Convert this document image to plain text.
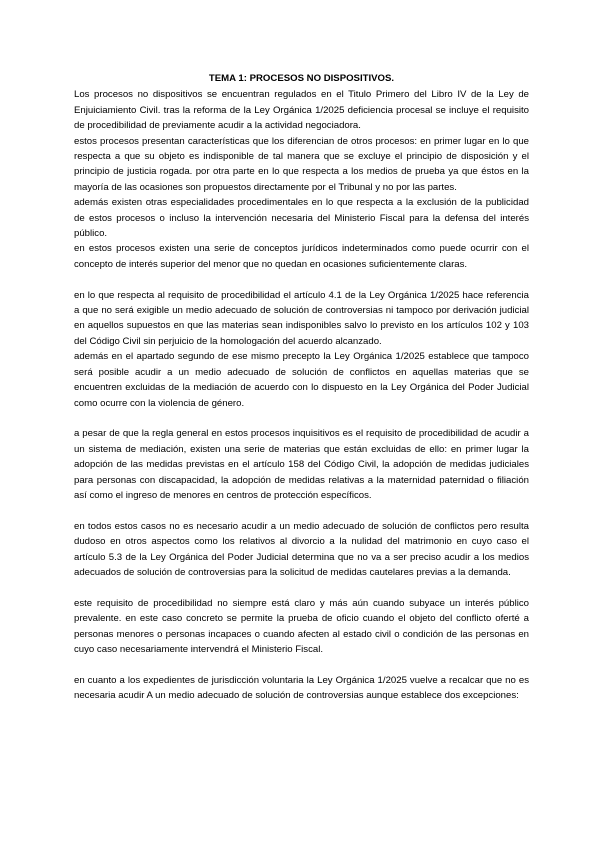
TEMA 1: PROCESOS NO DISPOSITIVOS.

Los procesos no dispositivos se encuentran regulados en el Titulo Primero del Libro IV de la Ley de Enjuiciamiento Civil. tras la reforma de la Ley Orgánica 1/2025 deficiencia procesal se incluye el requisito de procedibilidad de previamente acudir a la actividad negociadora.

estos procesos presentan características que los diferencian de otros procesos: en primer lugar en lo que respecta a que su objeto es indisponible de tal manera que se excluye el principio de disposición y el principio de justicia rogada. por otra parte en lo que respecta a los medios de prueba ya que éstos en la mayoría de las ocasiones son propuestos directamente por el Tribunal y no por las partes.

además existen otras especialidades procedimentales en lo que respecta a la exclusión de la publicidad de estos procesos o incluso la intervención necesaria del Ministerio Fiscal para la defensa del interés público.

en estos procesos existen una serie de conceptos jurídicos indeterminados como puede ocurrir con el concepto de interés superior del menor que no quedan en ocasiones suficientemente claras.

en lo que respecta al requisito de procedibilidad el artículo 4.1 de la Ley Orgánica 1/2025 hace referencia a que no será exigible un medio adecuado de solución de controversias ni tampoco por derivación judicial en aquellos supuestos en que las materias sean indisponibles salvo lo previsto en los artículos 102 y 103 del Código Civil sin perjuicio de la homologación del acuerdo alcanzado.

además en el apartado segundo de ese mismo precepto la Ley Orgánica 1/2025 establece que tampoco será posible acudir a un medio adecuado de solución de conflictos en aquellas materias que se encuentren excluidas de la mediación de acuerdo con lo dispuesto en la Ley Orgánica del Poder Judicial como ocurre con la violencia de género.

a pesar de que la regla general en estos procesos inquisitivos es el requisito de procedibilidad de acudir a un sistema de mediación, existen una serie de materias que están excluidas de ello: en primer lugar la adopción de las medidas previstas en el artículo 158 del Código Civil, la adopción de medidas judiciales para personas con discapacidad, la adopción de medidas relativas a la maternidad paternidad o filiación así como el ingreso de menores en centros de protección específicos.

en todos estos casos no es necesario acudir a un medio adecuado de solución de conflictos pero resulta dudoso en otros aspectos como los relativos al divorcio a la nulidad del matrimonio en cuyo caso el artículo 5.3 de la Ley Orgánica del Poder Judicial determina que no va a ser preciso acudir a los medios adecuados de solución de controversias para la solicitud de medidas cautelares previas a la demanda.

este requisito de procedibilidad no siempre está claro y más aún cuando subyace un interés público prevalente. en este caso concreto se permite la prueba de oficio cuando el objeto del conflicto oferté a personas menores o personas incapaces o cuando afecten al estado civil o condición de las personas en cuyo caso necesariamente intervendrá el Ministerio Fiscal.

en cuanto a los expedientes de jurisdicción voluntaria la Ley Orgánica 1/2025 vuelve a recalcar que no es necesaria acudir A un medio adecuado de solución de controversias aunque establece dos excepciones:
